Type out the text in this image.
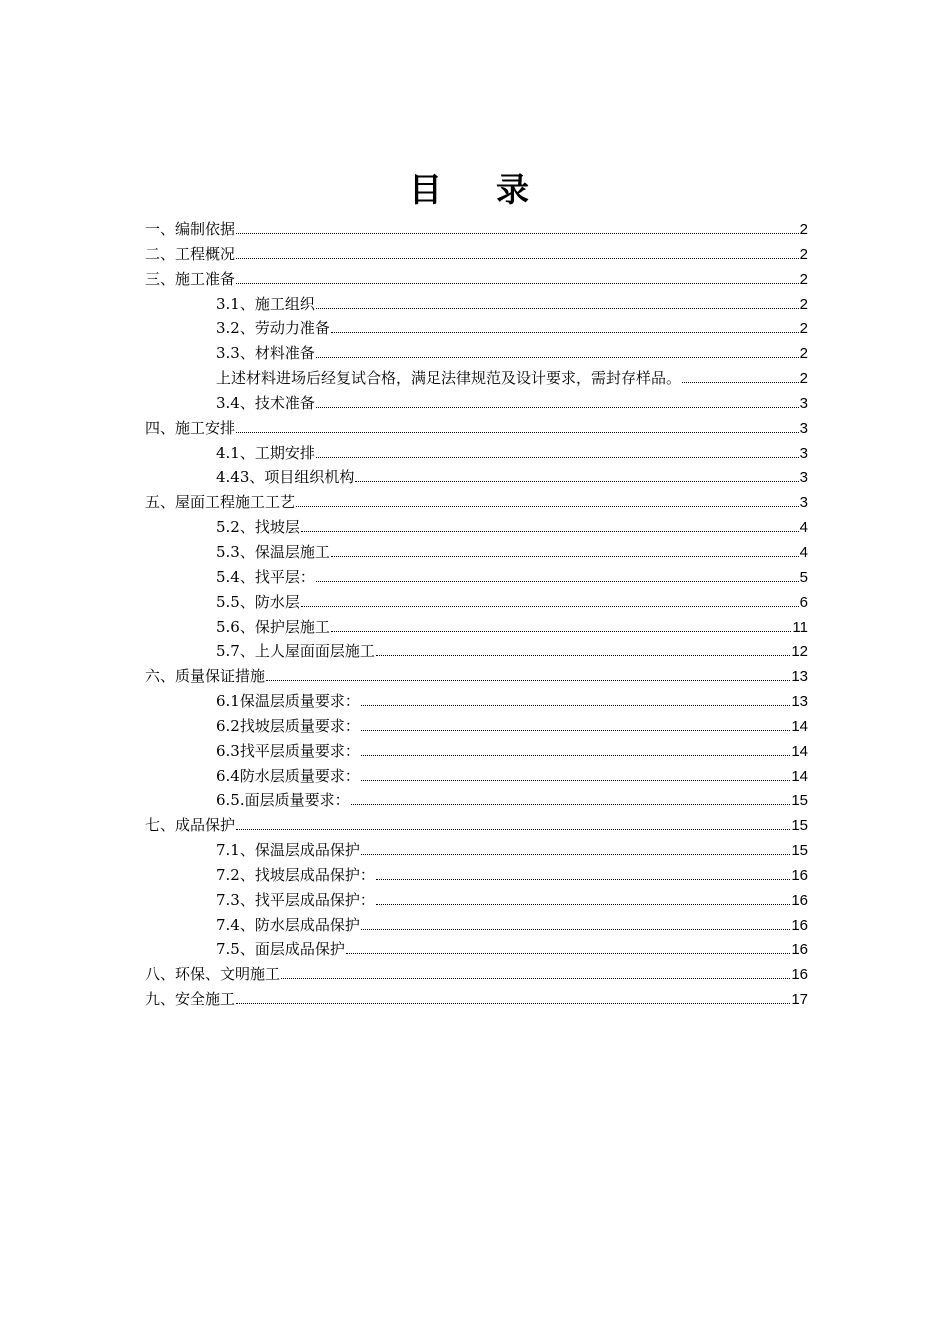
目录
一、编制依据	2
二、工程概况	2
三、施工准备	2
3.1、施工组织	2
3.2、劳动力准备	2
3.3、材料准备	2
上述材料进场后经复试合格，满足法律规范及设计要求，需封存样品。	2
3.4、技术准备	3
四、施工安排	3
4.1、工期安排	3
4.43、项目组织机构	3
五、屋面工程施工工艺	3
5.2、找坡层	4
5.3、保温层施工	4
5.4、找平层：	5
5.5、防水层	6
5.6、保护层施工	11
5.7、上人屋面面层施工	12
六、质量保证措施	13
6.1保温层质量要求：	13
6.2找坡层质量要求：	14
6.3找平层质量要求：	14
6.4防水层质量要求：	14
6.5.面层质量要求：	15
七、成品保护	15
7.1、保温层成品保护	15
7.2、找坡层成品保护：	16
7.3、找平层成品保护：	16
7.4、防水层成品保护	16
7.5、面层成品保护	16
八、环保、文明施工	16
九、安全施工	17
